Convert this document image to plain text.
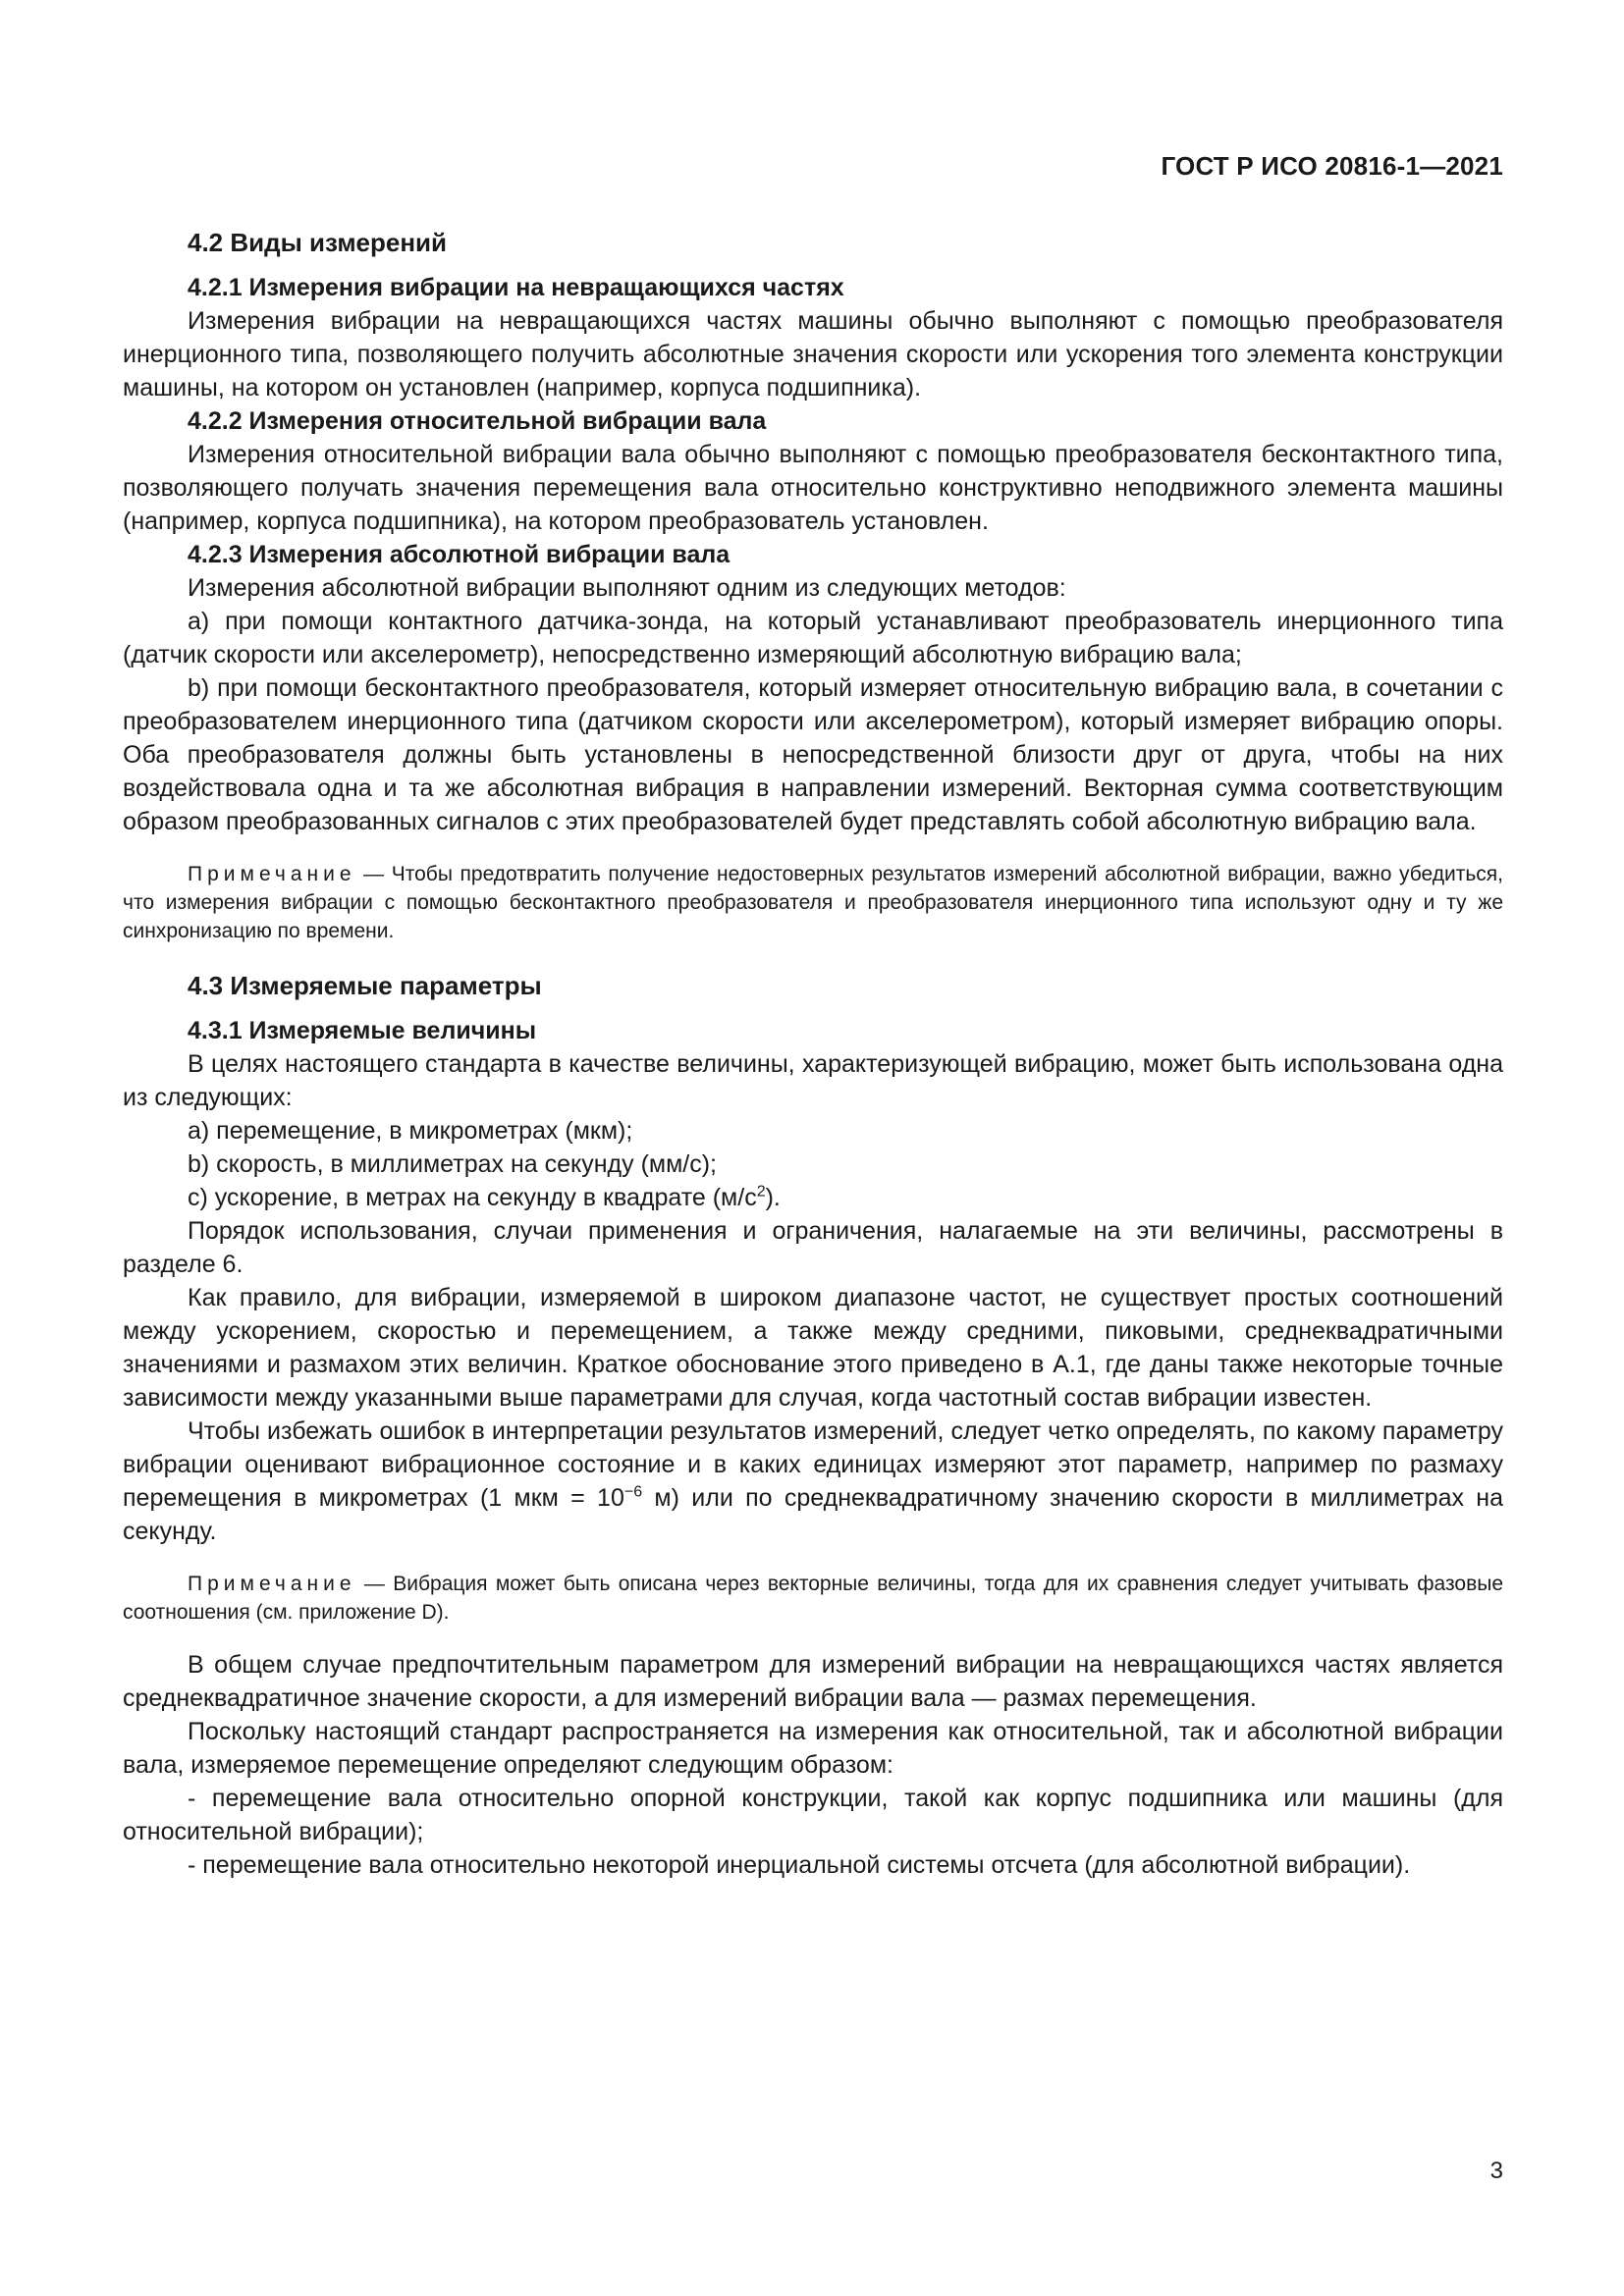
ГОСТ Р ИСО 20816-1—2021
4.2 Виды измерений
4.2.1 Измерения вибрации на невращающихся частях

Измерения вибрации на невращающихся частях машины обычно выполняют с помощью преобразователя инерционного типа, позволяющего получить абсолютные значения скорости или ускорения того элемента конструкции машины, на котором он установлен (например, корпуса подшипника).

4.2.2 Измерения относительной вибрации вала

Измерения относительной вибрации вала обычно выполняют с помощью преобразователя бесконтактного типа, позволяющего получать значения перемещения вала относительно конструктивно неподвижного элемента машины (например, корпуса подшипника), на котором преобразователь установлен.

4.2.3 Измерения абсолютной вибрации вала

Измерения абсолютной вибрации выполняют одним из следующих методов:

a) при помощи контактного датчика-зонда, на который устанавливают преобразователь инерционного типа (датчик скорости или акселерометр), непосредственно измеряющий абсолютную вибрацию вала;

b) при помощи бесконтактного преобразователя, который измеряет относительную вибрацию вала, в сочетании с преобразователем инерционного типа (датчиком скорости или акселерометром), который измеряет вибрацию опоры. Оба преобразователя должны быть установлены в непосредственной близости друг от друга, чтобы на них воздействовала одна и та же абсолютная вибрация в направлении измерений. Векторная сумма соответствующим образом преобразованных сигналов с этих преобразователей будет представлять собой абсолютную вибрацию вала.

Примечание — Чтобы предотвратить получение недостоверных результатов измерений абсолютной вибрации, важно убедиться, что измерения вибрации с помощью бесконтактного преобразователя и преобразователя инерционного типа используют одну и ту же синхронизацию по времени.
4.3 Измеряемые параметры
4.3.1 Измеряемые величины

В целях настоящего стандарта в качестве величины, характеризующей вибрацию, может быть использована одна из следующих:

a) перемещение, в микрометрах (мкм);

b) скорость, в миллиметрах на секунду (мм/с);

c) ускорение, в метрах на секунду в квадрате $(м/с^2)$.

Порядок использования, случаи применения и ограничения, налагаемые на эти величины, рассмотрены в разделе 6.

Как правило, для вибрации, измеряемой в широком диапазоне частот, не существует простых соотношений между ускорением, скоростью и перемещением, а также между средними, пиковыми, среднеквадратичными значениями и размахом этих величин. Краткое обоснование этого приведено в А.1, где даны также некоторые точные зависимости между указанными выше параметрами для случая, когда частотный состав вибрации известен.

Чтобы избежать ошибок в интерпретации результатов измерений, следует четко определять, по какому параметру вибрации оценивают вибрационное состояние и в каких единицах измеряют этот параметр, например по размаху перемещения в микрометрах (1 мкм = $10^{-6}$ м) или по среднеквадратичному значению скорости в миллиметрах на секунду.

Примечание — Вибрация может быть описана через векторные величины, тогда для их сравнения следует учитывать фазовые соотношения (см. приложение D).

В общем случае предпочтительным параметром для измерений вибрации на невращающихся частях является среднеквадратичное значение скорости, а для измерений вибрации вала — размах перемещения.

Поскольку настоящий стандарт распространяется на измерения как относительной, так и абсолютной вибрации вала, измеряемое перемещение определяют следующим образом:

- перемещение вала относительно опорной конструкции, такой как корпус подшипника или машины (для относительной вибрации);

- перемещение вала относительно некоторой инерциальной системы отсчета (для абсолютной вибрации).

3
